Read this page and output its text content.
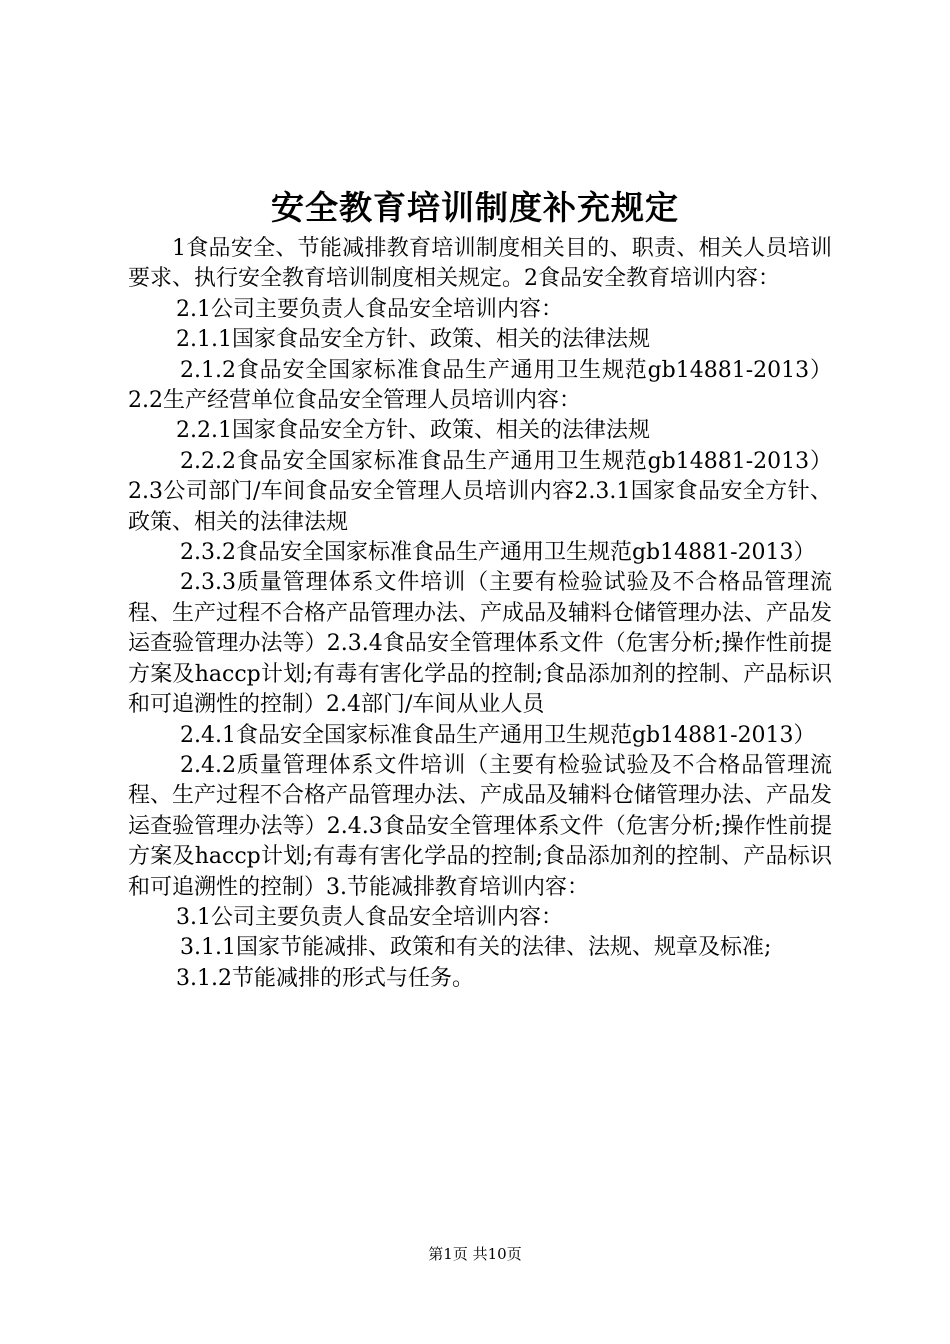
安全教育培训制度补充规定

1食品安全、节能减排教育培训制度相关目的、职责、相关人员培训要求、执行安全教育培训制度相关规定。2食品安全教育培训内容：

2.1公司主要负责人食品安全培训内容：

2.1.1国家食品安全方针、政策、相关的法律法规

2.1.2食品安全国家标准食品生产通用卫生规范gb14881-2013）2.2生产经营单位食品安全管理人员培训内容：

2.2.1国家食品安全方针、政策、相关的法律法规

2.2.2食品安全国家标准食品生产通用卫生规范gb14881-2013）2.3公司部门/车间食品安全管理人员培训内容2.3.1国家食品安全方针、政策、相关的法律法规

2.3.2食品安全国家标准食品生产通用卫生规范gb14881-2013）

2.3.3质量管理体系文件培训（主要有检验试验及不合格品管理流程、生产过程不合格产品管理办法、产成品及辅料仓储管理办法、产品发运查验管理办法等）2.3.4食品安全管理体系文件（危害分析;操作性前提方案及haccp计划;有毒有害化学品的控制;食品添加剂的控制、产品标识和可追溯性的控制）2.4部门/车间从业人员

2.4.1食品安全国家标准食品生产通用卫生规范gb14881-2013）

2.4.2质量管理体系文件培训（主要有检验试验及不合格品管理流程、生产过程不合格产品管理办法、产成品及辅料仓储管理办法、产品发运查验管理办法等）2.4.3食品安全管理体系文件（危害分析;操作性前提方案及haccp计划;有毒有害化学品的控制;食品添加剂的控制、产品标识和可追溯性的控制）3.节能减排教育培训内容：

3.1公司主要负责人食品安全培训内容：

3.1.1国家节能减排、政策和有关的法律、法规、规章及标准;

3.1.2节能减排的形式与任务。

第1页 共10页
